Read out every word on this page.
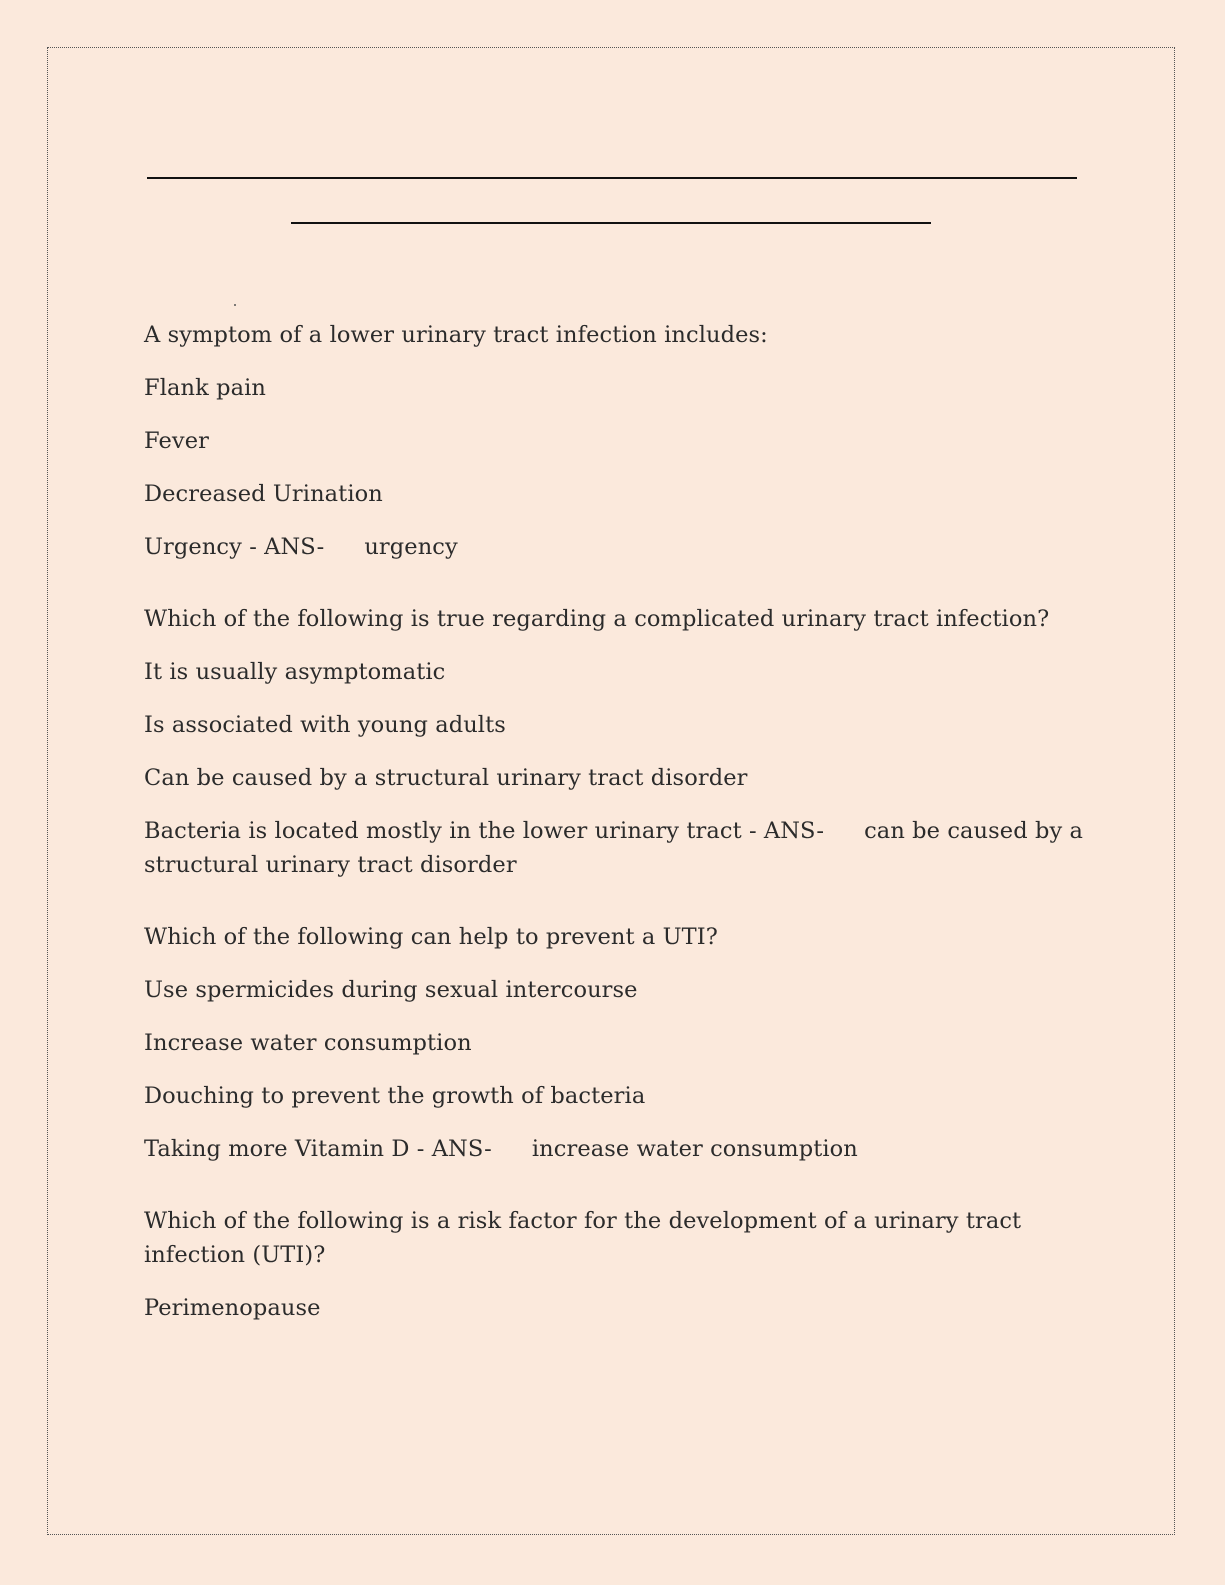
A symptom of a lower urinary tract infection includes:
Flank pain
Fever
Decreased Urination
Urgency - ANS- urgency
Which of the following is true regarding a complicated urinary tract infection?
It is usually asymptomatic
Is associated with young adults
Can be caused by a structural urinary tract disorder
Bacteria is located mostly in the lower urinary tract - ANS- can be caused by a structural urinary tract disorder
Which of the following can help to prevent a UTI?
Use spermicides during sexual intercourse
Increase water consumption
Douching to prevent the growth of bacteria
Taking more Vitamin D - ANS- increase water consumption
Which of the following is a risk factor for the development of a urinary tract infection (UTI)?
Perimenopause
